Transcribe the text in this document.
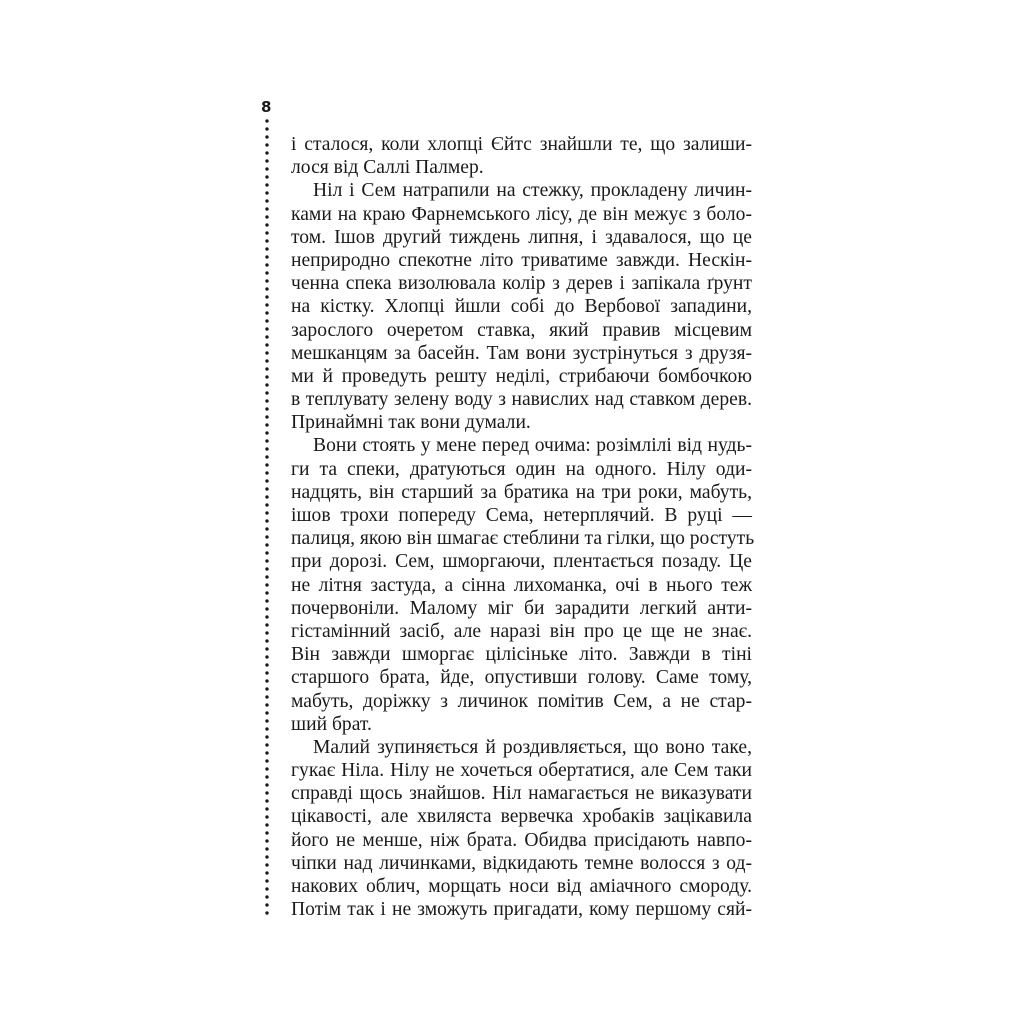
8
і сталося, коли хлопці Єйтс знайшли те, що залиши-
лося від Саллі Палмер.
Ніл і Сем натрапили на стежку, прокладену личин-
ками на краю Фарнемського лісу, де він межує з боло-
том. Ішов другий тиждень липня, і здавалося, що це
неприродно спекотне літо триватиме завжди. Нескін-
ченна спека визолювала колір з дерев і запікала ґрунт
на кістку. Хлопці йшли собі до Вербової западини,
зарослого очеретом ставка, який правив місцевим
мешканцям за басейн. Там вони зустрінуться з друзя-
ми й проведуть решту неділі, стрибаючи бомбочкою
в теплувату зелену воду з навислих над ставком дерев.
Принаймні так вони думали.
Вони стоять у мене перед очима: розімлілі від нудь-
ги та спеки, дратуються один на одного. Нілу оди-
надцять, він старший за братика на три роки, мабуть,
ішов трохи попереду Сема, нетерплячий. В руці —
палиця, якою він шмагає стеблини та гілки, що ростуть
при дорозі. Сем, шморгаючи, плентається позаду. Це
не літня застуда, а сінна лихоманка, очі в нього теж
почервоніли. Малому міг би зарадити легкий анти-
гістамінний засіб, але наразі він про це ще не знає.
Він завжди шморгає цілісіньке літо. Завжди в тіні
старшого брата, йде, опустивши голову. Саме тому,
мабуть, доріжку з личинок помітив Сем, а не стар-
ший брат.
Малий зупиняється й роздивляється, що воно таке,
гукає Ніла. Нілу не хочеться обертатися, але Сем таки
справді щось знайшов. Ніл намагається не виказувати
цікавості, але хвиляста вервечка хробаків зацікавила
його не менше, ніж брата. Обидва присідають навпо-
чіпки над личинками, відкидають темне волосся з од-
накових облич, морщать носи від аміачного смороду.
Потім так і не зможуть пригадати, кому першому сяй-
